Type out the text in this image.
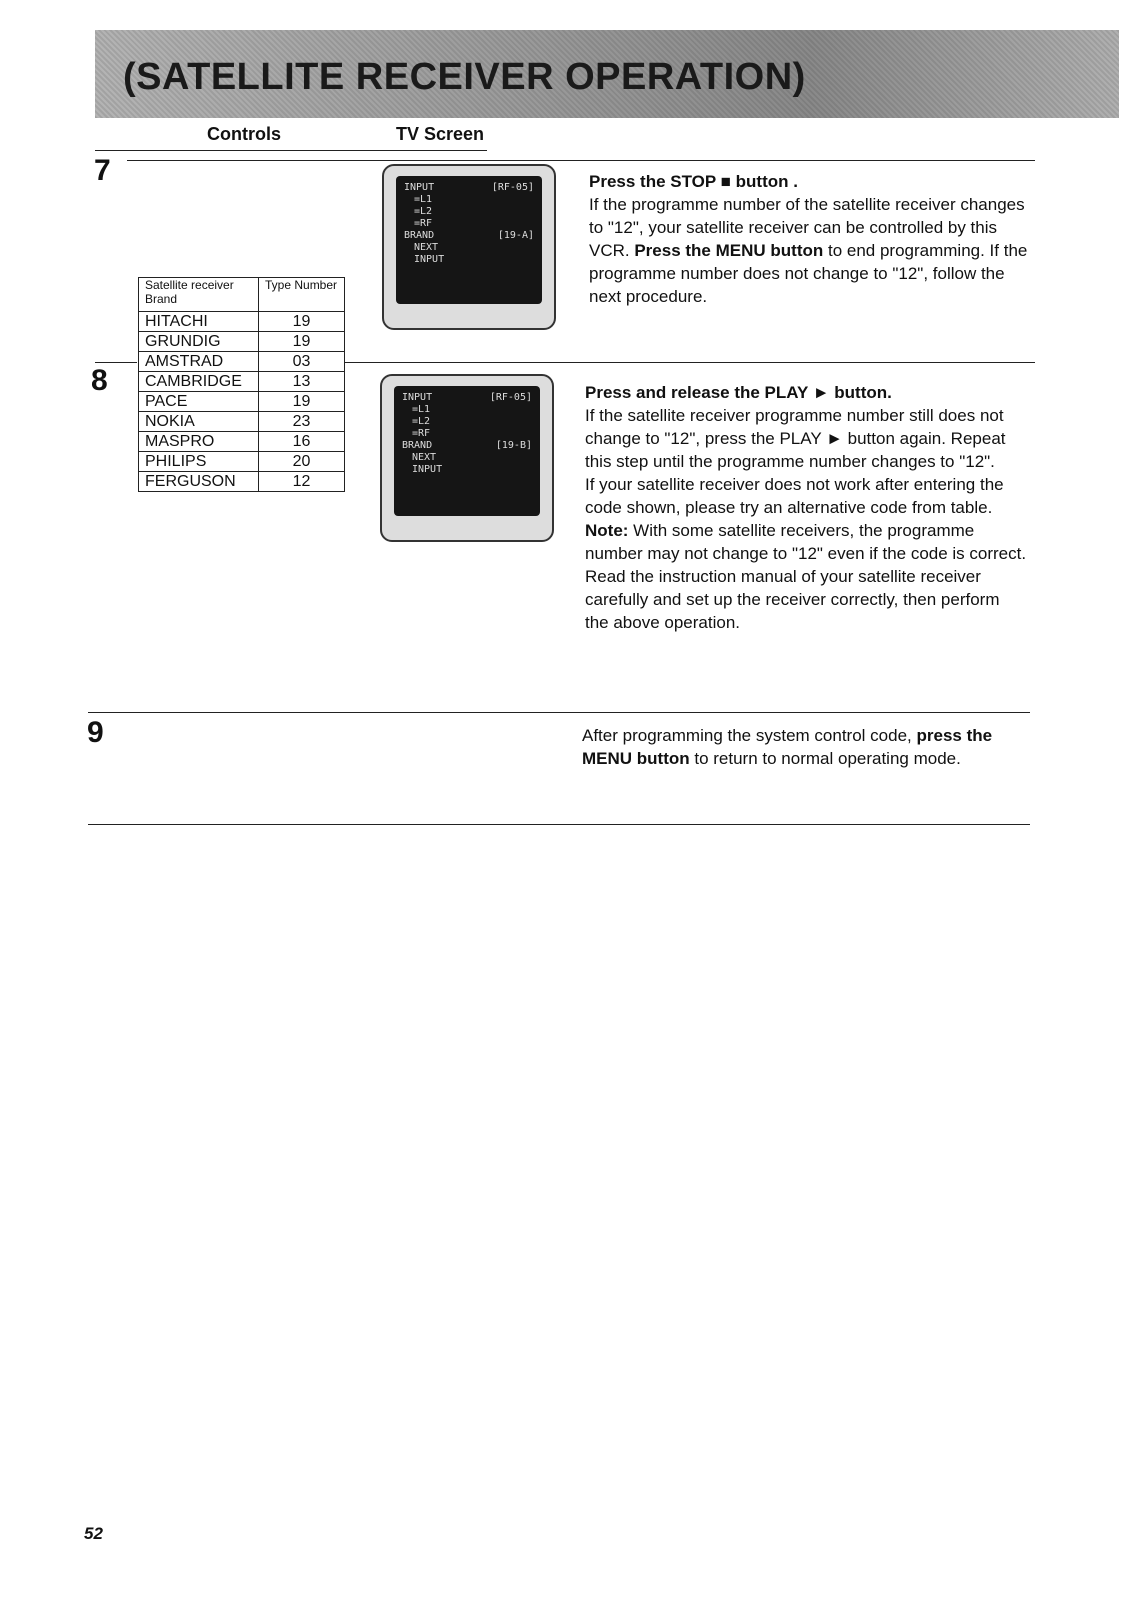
(SATELLITE RECEIVER OPERATION)
Controls	TV Screen
7
INPUT	[RF-05]
=L1
=L2
=RF
BRAND	[19-A]
NEXT
INPUT

Press the STOP ■ button .

If the programme number of the satellite receiver changes to "12", your satellite receiver can be controlled by this VCR. Press the MENU button to end programming. If the programme number does not change to "12", follow the next procedure.

Satellite receiver Brand	Type Number
HITACHI	19
GRUNDIG	19
AMSTRAD	03
CAMBRIDGE	13
PACE	19
NOKIA	23
MASPRO	16
PHILIPS	20
FERGUSON	12
8
INPUT	[RF-05]
=L1
=L2
=RF
BRAND	[19-B]
NEXT
INPUT

Press and release the PLAY ► button.

If the satellite receiver programme number still does not change to "12", press the PLAY ► button again. Repeat this step until the programme number changes to "12".

If your satellite receiver does not work after entering the code shown, please try an alternative code from table.

Note: With some satellite receivers, the programme number may not change to "12" even if the code is correct. Read the instruction manual of your satellite receiver carefully and set up the receiver correctly, then perform the above operation.

9	After programming the system control code, press the MENU button to return to normal operating mode.

52
